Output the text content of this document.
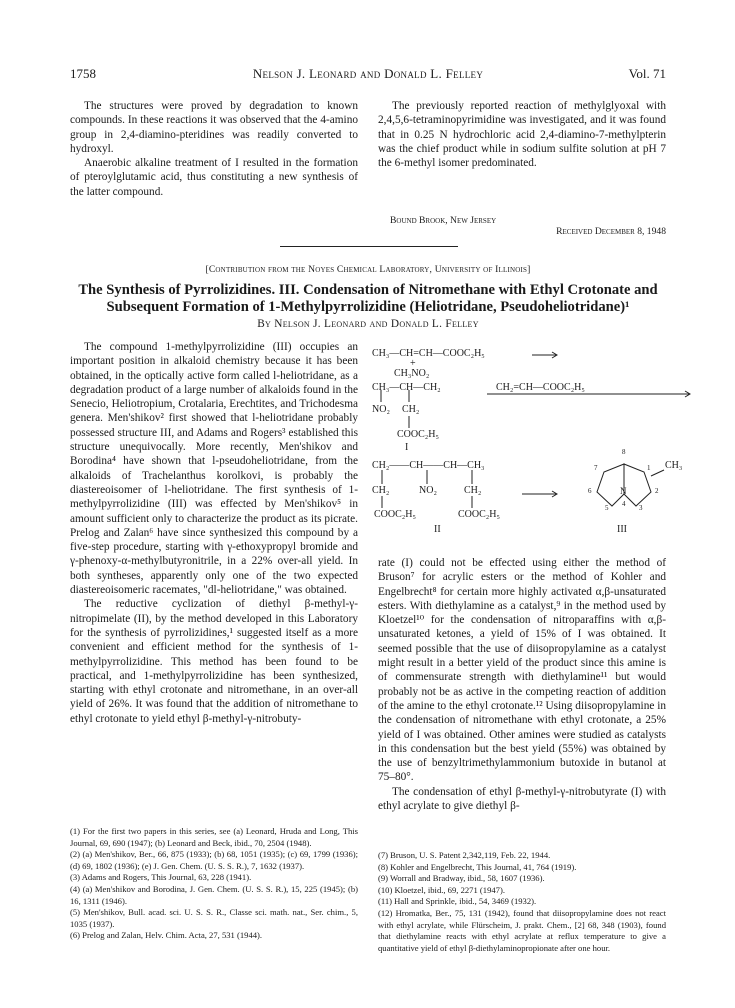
1758	Nelson J. Leonard and Donald L. Felley	Vol. 71

The structures were proved by degradation to known compounds. In these reactions it was observed that the 4-amino group in 2,4-diamino-pteridines was readily converted to hydroxyl.

Anaerobic alkaline treatment of I resulted in the formation of pteroylglutamic acid, thus constituting a new synthesis of the latter compound.

The previously reported reaction of methylglyoxal with 2,4,5,6-tetraminopyrimidine was investigated, and it was found that in 0.25 N hydrochloric acid 2,4-diamino-7-methylpterin was the chief product while in sodium sulfite solution at pH 7 the 6-methyl isomer predominated.

Bound Brook, New Jersey
Received December 8, 1948
[Contribution from the Noyes Chemical Laboratory, University of Illinois]
The Synthesis of Pyrrolizidines. III. Condensation of Nitromethane with Ethyl Crotonate and Subsequent Formation of 1-Methylpyrrolizidine (Heliotridane, Pseudoheliotridane)¹
By Nelson J. Leonard and Donald L. Felley

The compound 1-methylpyrrolizidine (III) occupies an important position in alkaloid chemistry because it has been obtained, in the optically active form called l-heliotridane, as a degradation product of a large number of alkaloids found in the Senecio, Heliotropium, Crotalaria, Erechtites, and Trichodesma genera. Men'shikov² first showed that l-heliotridane probably possessed structure III, and Adams and Rogers³ established this structure unequivocally. More recently, Men'shikov and Borodina⁴ have shown that l-pseudoheliotridane, from the alkaloids of Trachelanthus korolkovi, is probably the diastereoisomer of l-heliotridane. The first synthesis of 1-methylpyrrolizidine (III) was effected by Men'shikov⁵ in amount sufficient only to characterize the product as its picrate. Prelog and Zalan⁶ have since synthesized this compound by a five-step procedure, starting with γ-ethoxypropyl bromide and γ-phenoxy-α-methylbutyronitrile, in a 22% over-all yield. In both syntheses, apparently only one of the two expected diastereoisomeric racemates, "dl-heliotridane," was obtained.

The reductive cyclization of diethyl β-methyl-γ-nitropimelate (II), by the method developed in this Laboratory for the synthesis of pyrrolizidines,¹ suggested itself as a more convenient and efficient method for the synthesis of 1-methylpyrrolizidine. This method has been found to be practical, and 1-methylpyrrolizidine has been synthesized, starting with ethyl crotonate and nitromethane, in an over-all yield of 26%. It was found that the addition of nitromethane to ethyl crotonate to yield ethyl β-methyl-γ-nitrobuty-

(1) For the first two papers in this series, see (a) Leonard, Hruda and Long, This Journal, 69, 690 (1947); (b) Leonard and Beck, ibid., 70, 2504 (1948).
(2) (a) Men'shikov, Ber., 66, 875 (1933); (b) 68, 1051 (1935); (c) 69, 1799 (1936); (d) 69, 1802 (1936); (e) J. Gen. Chem. (U. S. S. R.), 7, 1632 (1937).
(3) Adams and Rogers, This Journal, 63, 228 (1941).
(4) (a) Men'shikov and Borodina, J. Gen. Chem. (U. S. S. R.), 15, 225 (1945); (b) 16, 1311 (1946).
(5) Men'shikov, Bull. acad. sci. U. S. S. R., Classe sci. math. nat., Ser. chim., 5, 1035 (1937).
(6) Prelog and Zalan, Helv. Chim. Acta, 27, 531 (1944).
CH₃—CH=CH—COOC₂H₅
+
CH₃NO₂
CH₃—CH—CH₂
NO₂ CH₂
COOC₂H₅
I
CH₂=CH—COOC₂H₅
CH₂——CH——CH—CH₃
CH₂	NO₂	CH₂
COOC₂H₅	COOC₂H₅
II
CH₃
N
8
7	1
2
3
4
5
6
III

rate (I) could not be effected using either the method of Bruson⁷ for acrylic esters or the method of Kohler and Engelbrecht⁸ for certain more highly activated α,β-unsaturated esters. With diethylamine as a catalyst,⁹ in the method used by Kloetzel¹⁰ for the condensation of nitroparaffins with α,β-unsaturated ketones, a yield of 15% of I was obtained. It seemed possible that the use of diisopropylamine as a catalyst might result in a better yield of the product since this amine is of commensurate strength with diethylamine¹¹ but would probably not be as active in the competing reaction of addition of the amine to the ethyl crotonate.¹² Using diisopropylamine in the condensation of nitromethane with ethyl crotonate, a 25% yield of I was obtained. Other amines were studied as catalysts in this condensation but the best yield (55%) was obtained by the use of benzyltrimethylammonium butoxide in butanol at 75–80°.

The condensation of ethyl β-methyl-γ-nitrobutyrate (I) with ethyl acrylate to give diethyl β-

(7) Bruson, U. S. Patent 2,342,119, Feb. 22, 1944.
(8) Kohler and Engelbrecht, This Journal, 41, 764 (1919).
(9) Worrall and Bradway, ibid., 58, 1607 (1936).
(10) Kloetzel, ibid., 69, 2271 (1947).
(11) Hall and Sprinkle, ibid., 54, 3469 (1932).
(12) Hromatka, Ber., 75, 131 (1942), found that diisopropylamine does not react with ethyl acrylate, while Flürscheim, J. prakt. Chem., [2] 68, 348 (1903), found that diethylamine reacts with ethyl acrylate at reflux temperature to give a quantitative yield of ethyl β-diethylaminopropionate after one hour.
